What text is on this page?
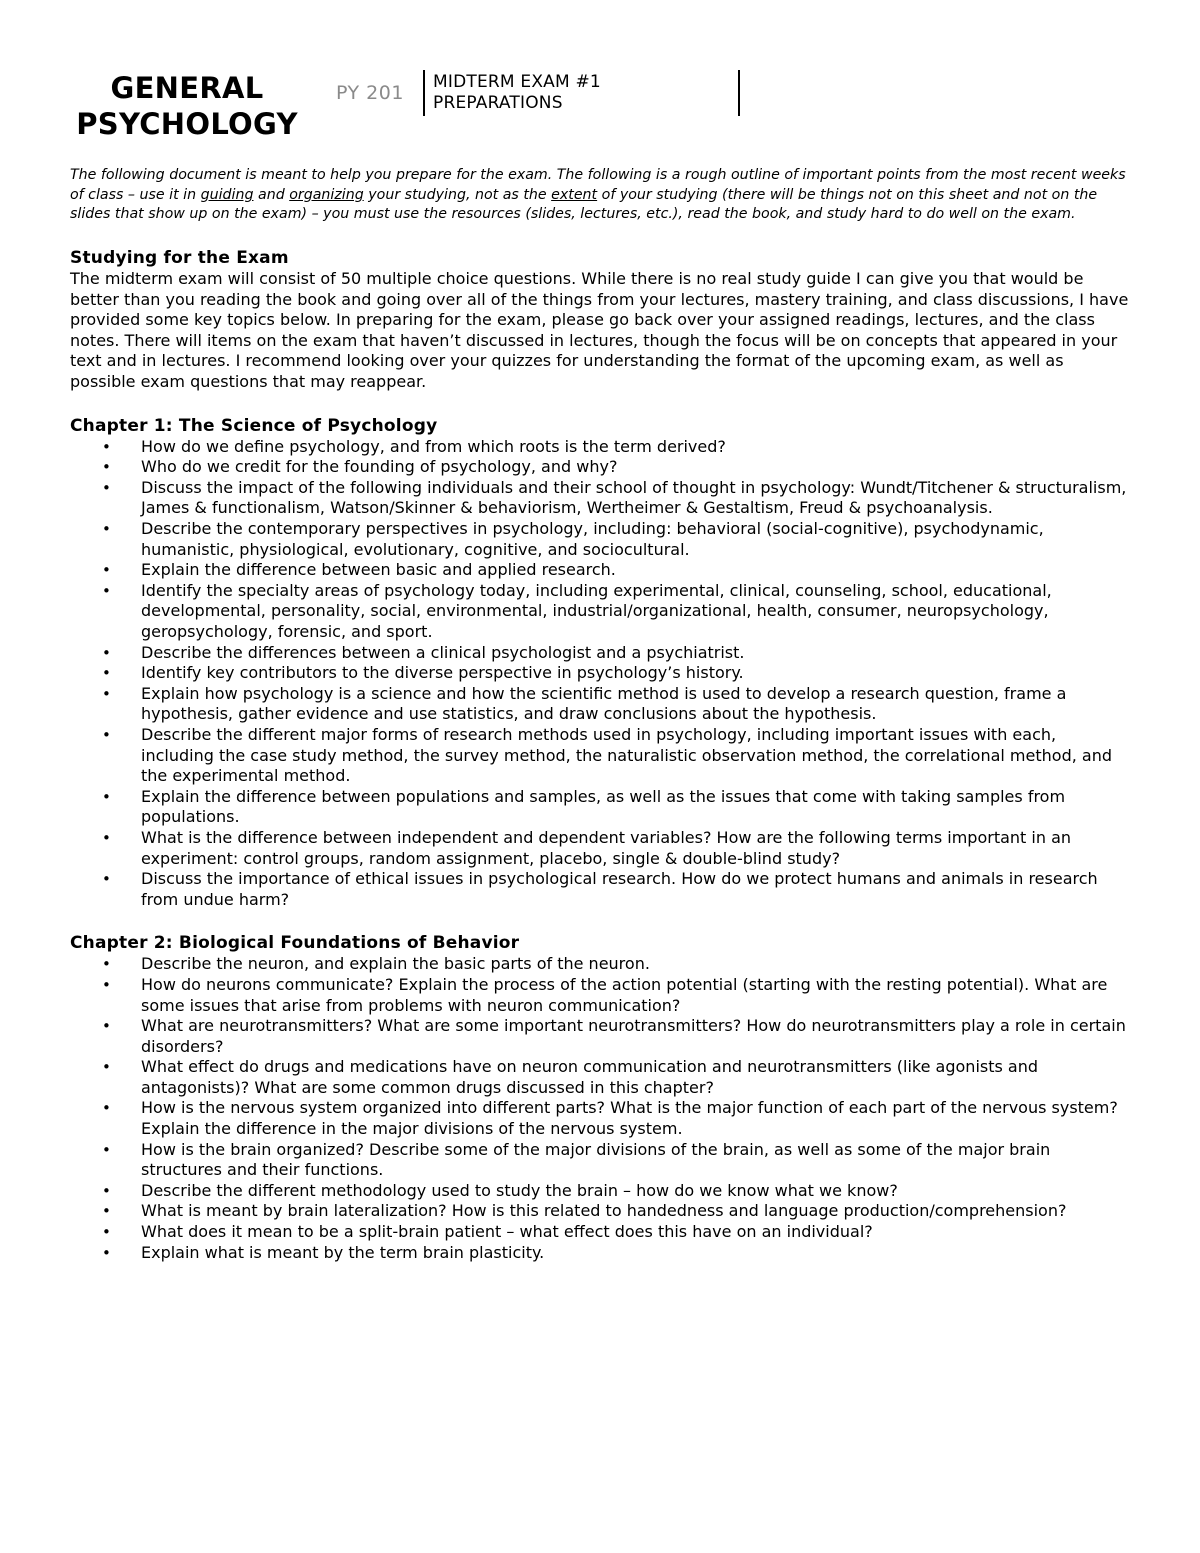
GENERAL
PSYCHOLOGY
PY 201 MIDTERM EXAM #1
PREPARATIONS

The following document is meant to help you prepare for the exam. The following is a rough outline of important points from the most recent weeks of class – use it in guiding and organizing your studying, not as the extent of your studying (there will be things not on this sheet and not on the slides that show up on the exam) – you must use the resources (slides, lectures, etc.), read the book, and study hard to do well on the exam.

Studying for the Exam

The midterm exam will consist of 50 multiple choice questions. While there is no real study guide I can give you that would be better than you reading the book and going over all of the things from your lectures, mastery training, and class discussions, I have provided some key topics below. In preparing for the exam, please go back over your assigned readings, lectures, and the class notes. There will items on the exam that haven’t discussed in lectures, though the focus will be on concepts that appeared in your text and in lectures. I recommend looking over your quizzes for understanding the format of the upcoming exam, as well as possible exam questions that may reappear.

Chapter 1: The Science of Psychology
• How do we define psychology, and from which roots is the term derived?
• Who do we credit for the founding of psychology, and why?
• Discuss the impact of the following individuals and their school of thought in psychology: Wundt/Titchener & structuralism, James & functionalism, Watson/Skinner & behaviorism, Wertheimer & Gestaltism, Freud & psychoanalysis.
• Describe the contemporary perspectives in psychology, including: behavioral (social-cognitive), psychodynamic, humanistic, physiological, evolutionary, cognitive, and sociocultural.
• Explain the difference between basic and applied research.
• Identify the specialty areas of psychology today, including experimental, clinical, counseling, school, educational, developmental, personality, social, environmental, industrial/organizational, health, consumer, neuropsychology, geropsychology, forensic, and sport.
• Describe the differences between a clinical psychologist and a psychiatrist.
• Identify key contributors to the diverse perspective in psychology’s history.
• Explain how psychology is a science and how the scientific method is used to develop a research question, frame a hypothesis, gather evidence and use statistics, and draw conclusions about the hypothesis.
• Describe the different major forms of research methods used in psychology, including important issues with each, including the case study method, the survey method, the naturalistic observation method, the correlational method, and the experimental method.
• Explain the difference between populations and samples, as well as the issues that come with taking samples from populations.
• What is the difference between independent and dependent variables? How are the following terms important in an experiment: control groups, random assignment, placebo, single & double-blind study?
• Discuss the importance of ethical issues in psychological research. How do we protect humans and animals in research from undue harm?
Chapter 2: Biological Foundations of Behavior
• Describe the neuron, and explain the basic parts of the neuron.
• How do neurons communicate? Explain the process of the action potential (starting with the resting potential). What are some issues that arise from problems with neuron communication?
• What are neurotransmitters? What are some important neurotransmitters? How do neurotransmitters play a role in certain disorders?
• What effect do drugs and medications have on neuron communication and neurotransmitters (like agonists and antagonists)? What are some common drugs discussed in this chapter?
• How is the nervous system organized into different parts? What is the major function of each part of the nervous system? Explain the difference in the major divisions of the nervous system.
• How is the brain organized? Describe some of the major divisions of the brain, as well as some of the major brain structures and their functions.
• Describe the different methodology used to study the brain – how do we know what we know?
• What is meant by brain lateralization? How is this related to handedness and language production/comprehension?
• What does it mean to be a split-brain patient – what effect does this have on an individual?
• Explain what is meant by the term brain plasticity.
